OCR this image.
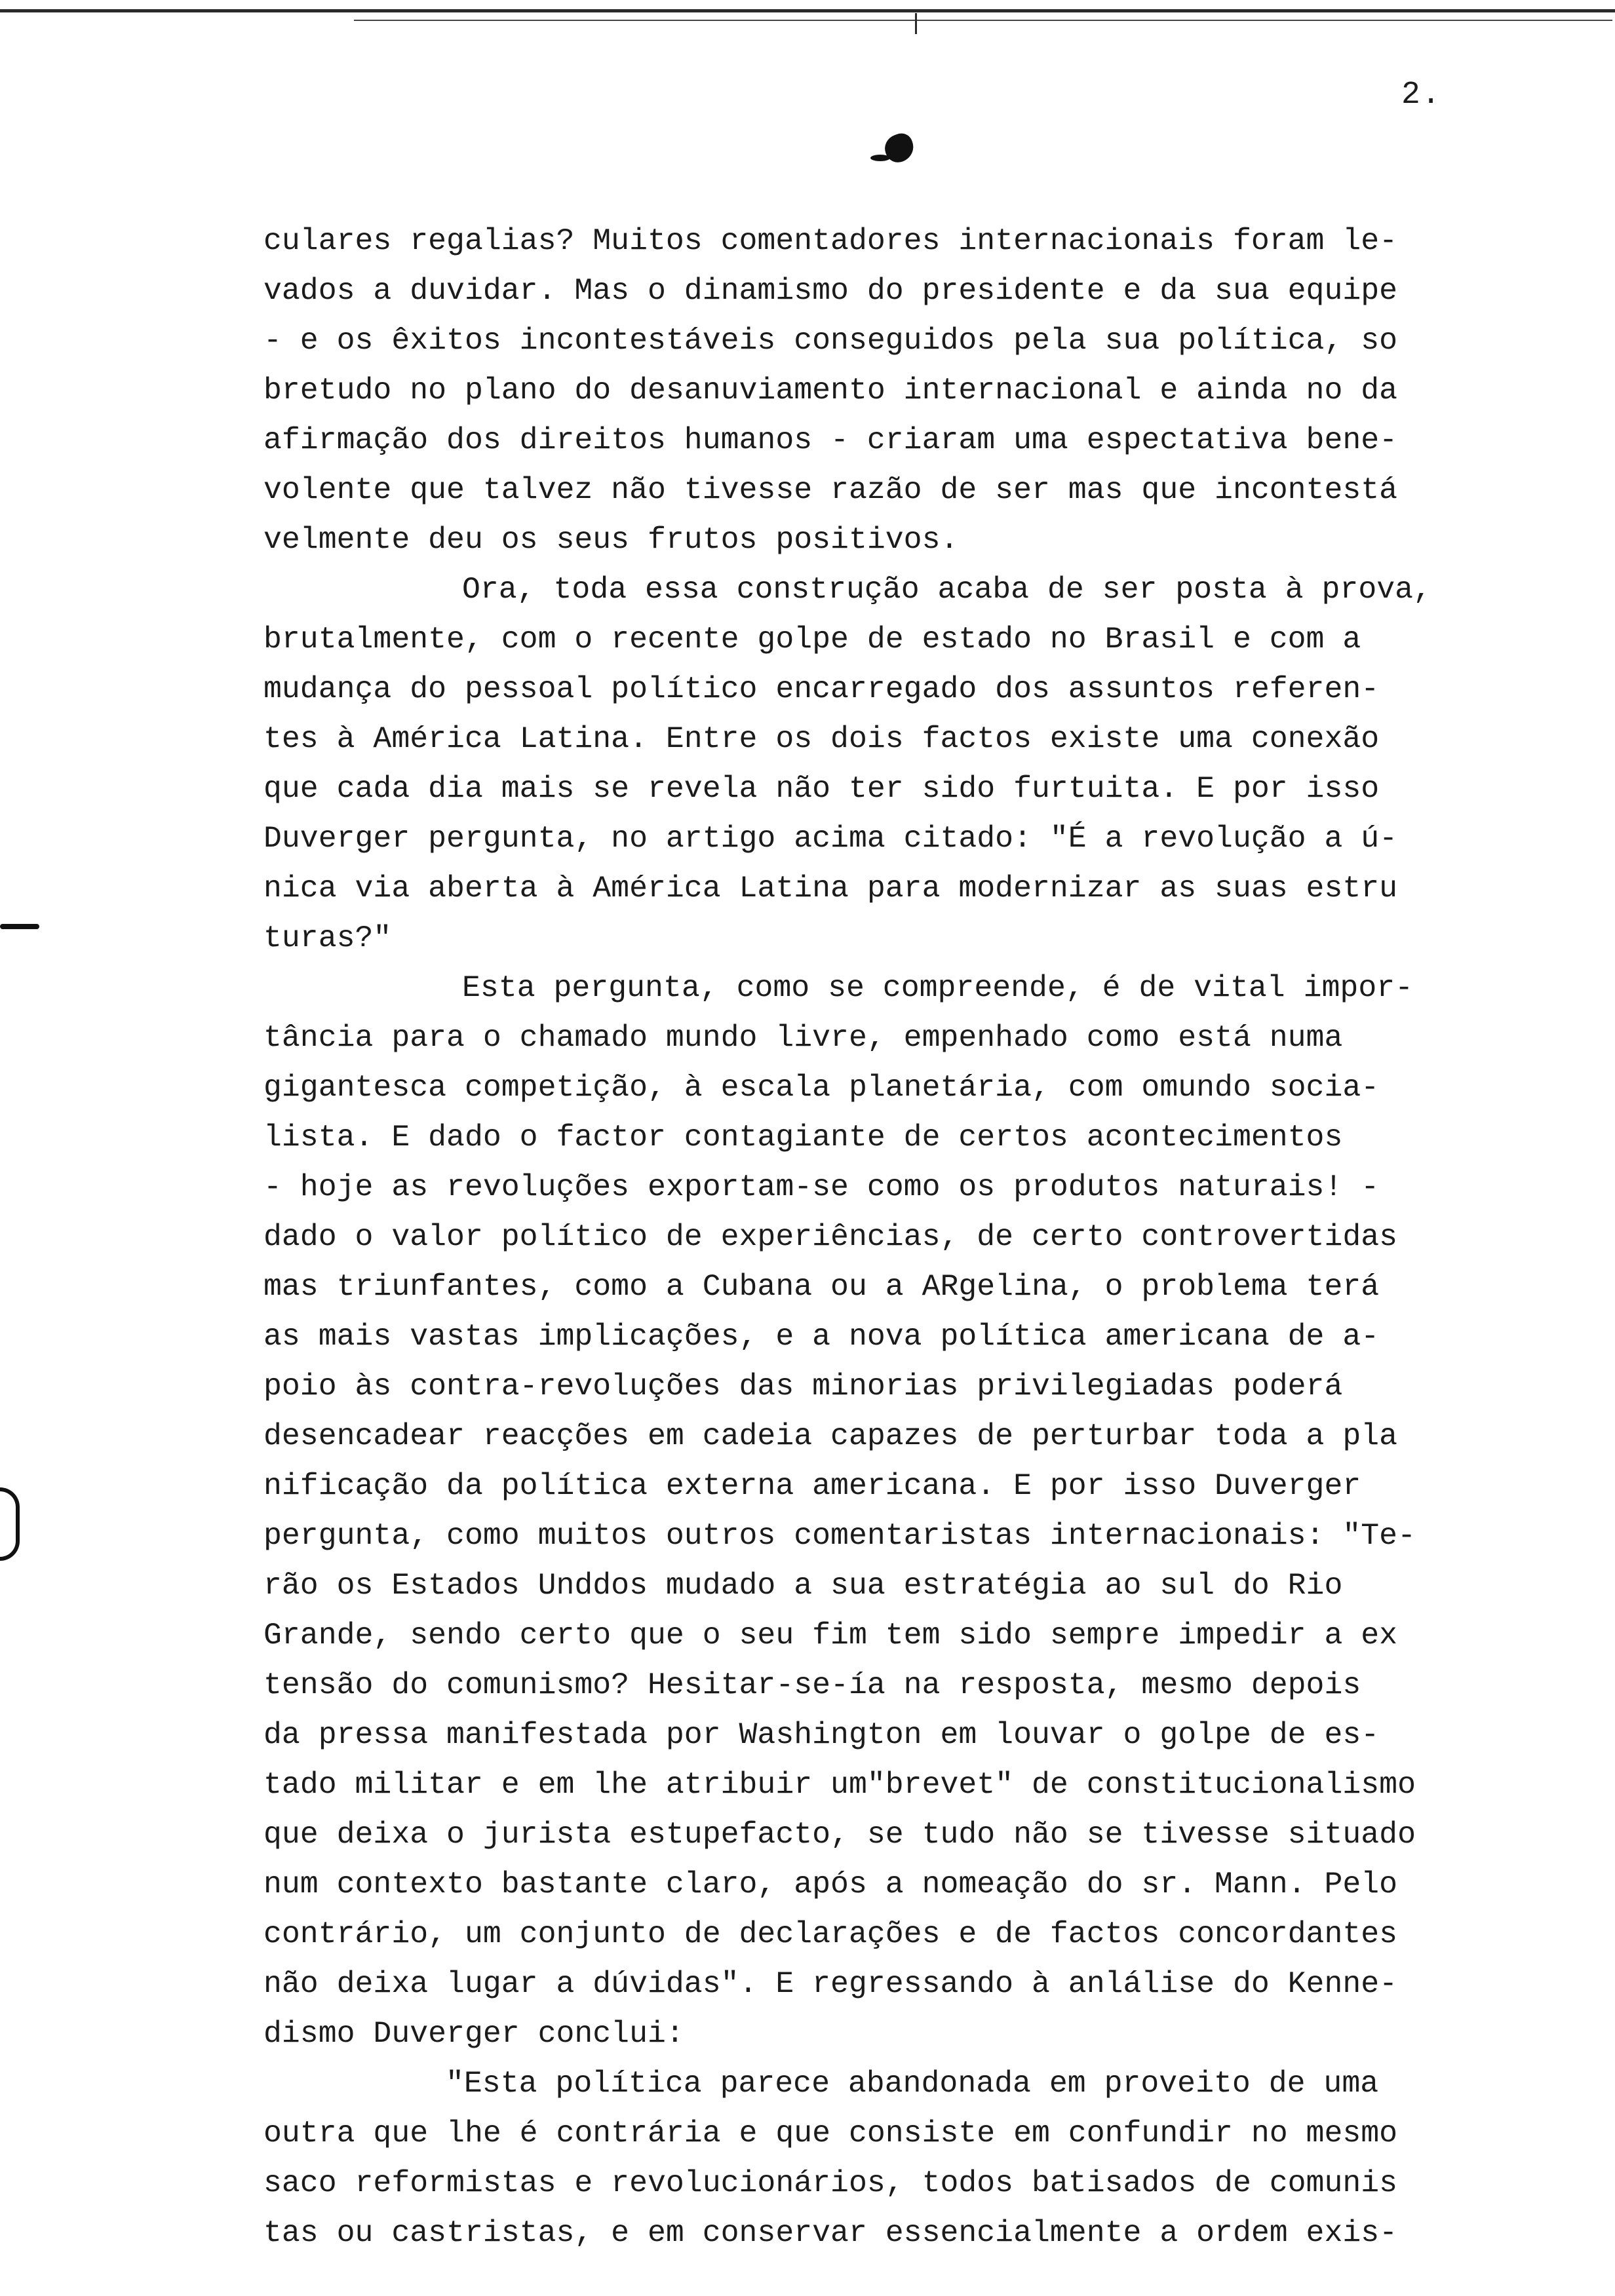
2.
culares regalias? Muitos comentadores internacionais foram le-
vados a duvidar. Mas o dinamismo do presidente e da sua equipe
- e os êxitos incontestáveis conseguidos pela sua política, so
bretudo no plano do desanuviamento internacional e ainda no da
afirmação dos direitos humanos - criaram uma espectativa bene-
volente que talvez não tivesse razão de ser mas que incontestá
velmente deu os seus frutos positivos.
Ora, toda essa construção acaba de ser posta à prova,
brutalmente, com o recente golpe de estado no Brasil e com a
mudança do pessoal político encarregado dos assuntos referen-
tes à América Latina. Entre os dois factos existe uma conexão
que cada dia mais se revela não ter sido furtuita. E por isso
Duverger pergunta, no artigo acima citado: "É a revolução a ú-
nica via aberta à América Latina para modernizar as suas estru
turas?"
Esta pergunta, como se compreende, é de vital impor-
tância para o chamado mundo livre, empenhado como está numa
gigantesca competição, à escala planetária, com omundo socia-
lista. E dado o factor contagiante de certos acontecimentos
- hoje as revoluções exportam-se como os produtos naturais! -
dado o valor político de experiências, de certo controvertidas
mas triunfantes, como a Cubana ou a ARgelina, o problema terá
as mais vastas implicações, e a nova política americana de a-
poio às contra-revoluções das minorias privilegiadas poderá
desencadear reacções em cadeia capazes de perturbar toda a pla
nificação da política externa americana. E por isso Duverger
pergunta, como muitos outros comentaristas internacionais: "Te-
rão os Estados Unddos mudado a sua estratégia ao sul do Rio
Grande, sendo certo que o seu fim tem sido sempre impedir a ex
tensão do comunismo? Hesitar-se-ía na resposta, mesmo depois
da pressa manifestada por Washington em louvar o golpe de es-
tado militar e em lhe atribuir um"brevet" de constitucionalismo
que deixa o jurista estupefacto, se tudo não se tivesse situado
num contexto bastante claro, após a nomeação do sr. Mann. Pelo
contrário, um conjunto de declarações e de factos concordantes
não deixa lugar a dúvidas". E regressando à anlálise do Kenne-
dismo Duverger conclui:
"Esta política parece abandonada em proveito de uma
outra que lhe é contrária e que consiste em confundir no mesmo
saco reformistas e revolucionários, todos batisados de comunis
tas ou castristas, e em conservar essencialmente a ordem exis-
